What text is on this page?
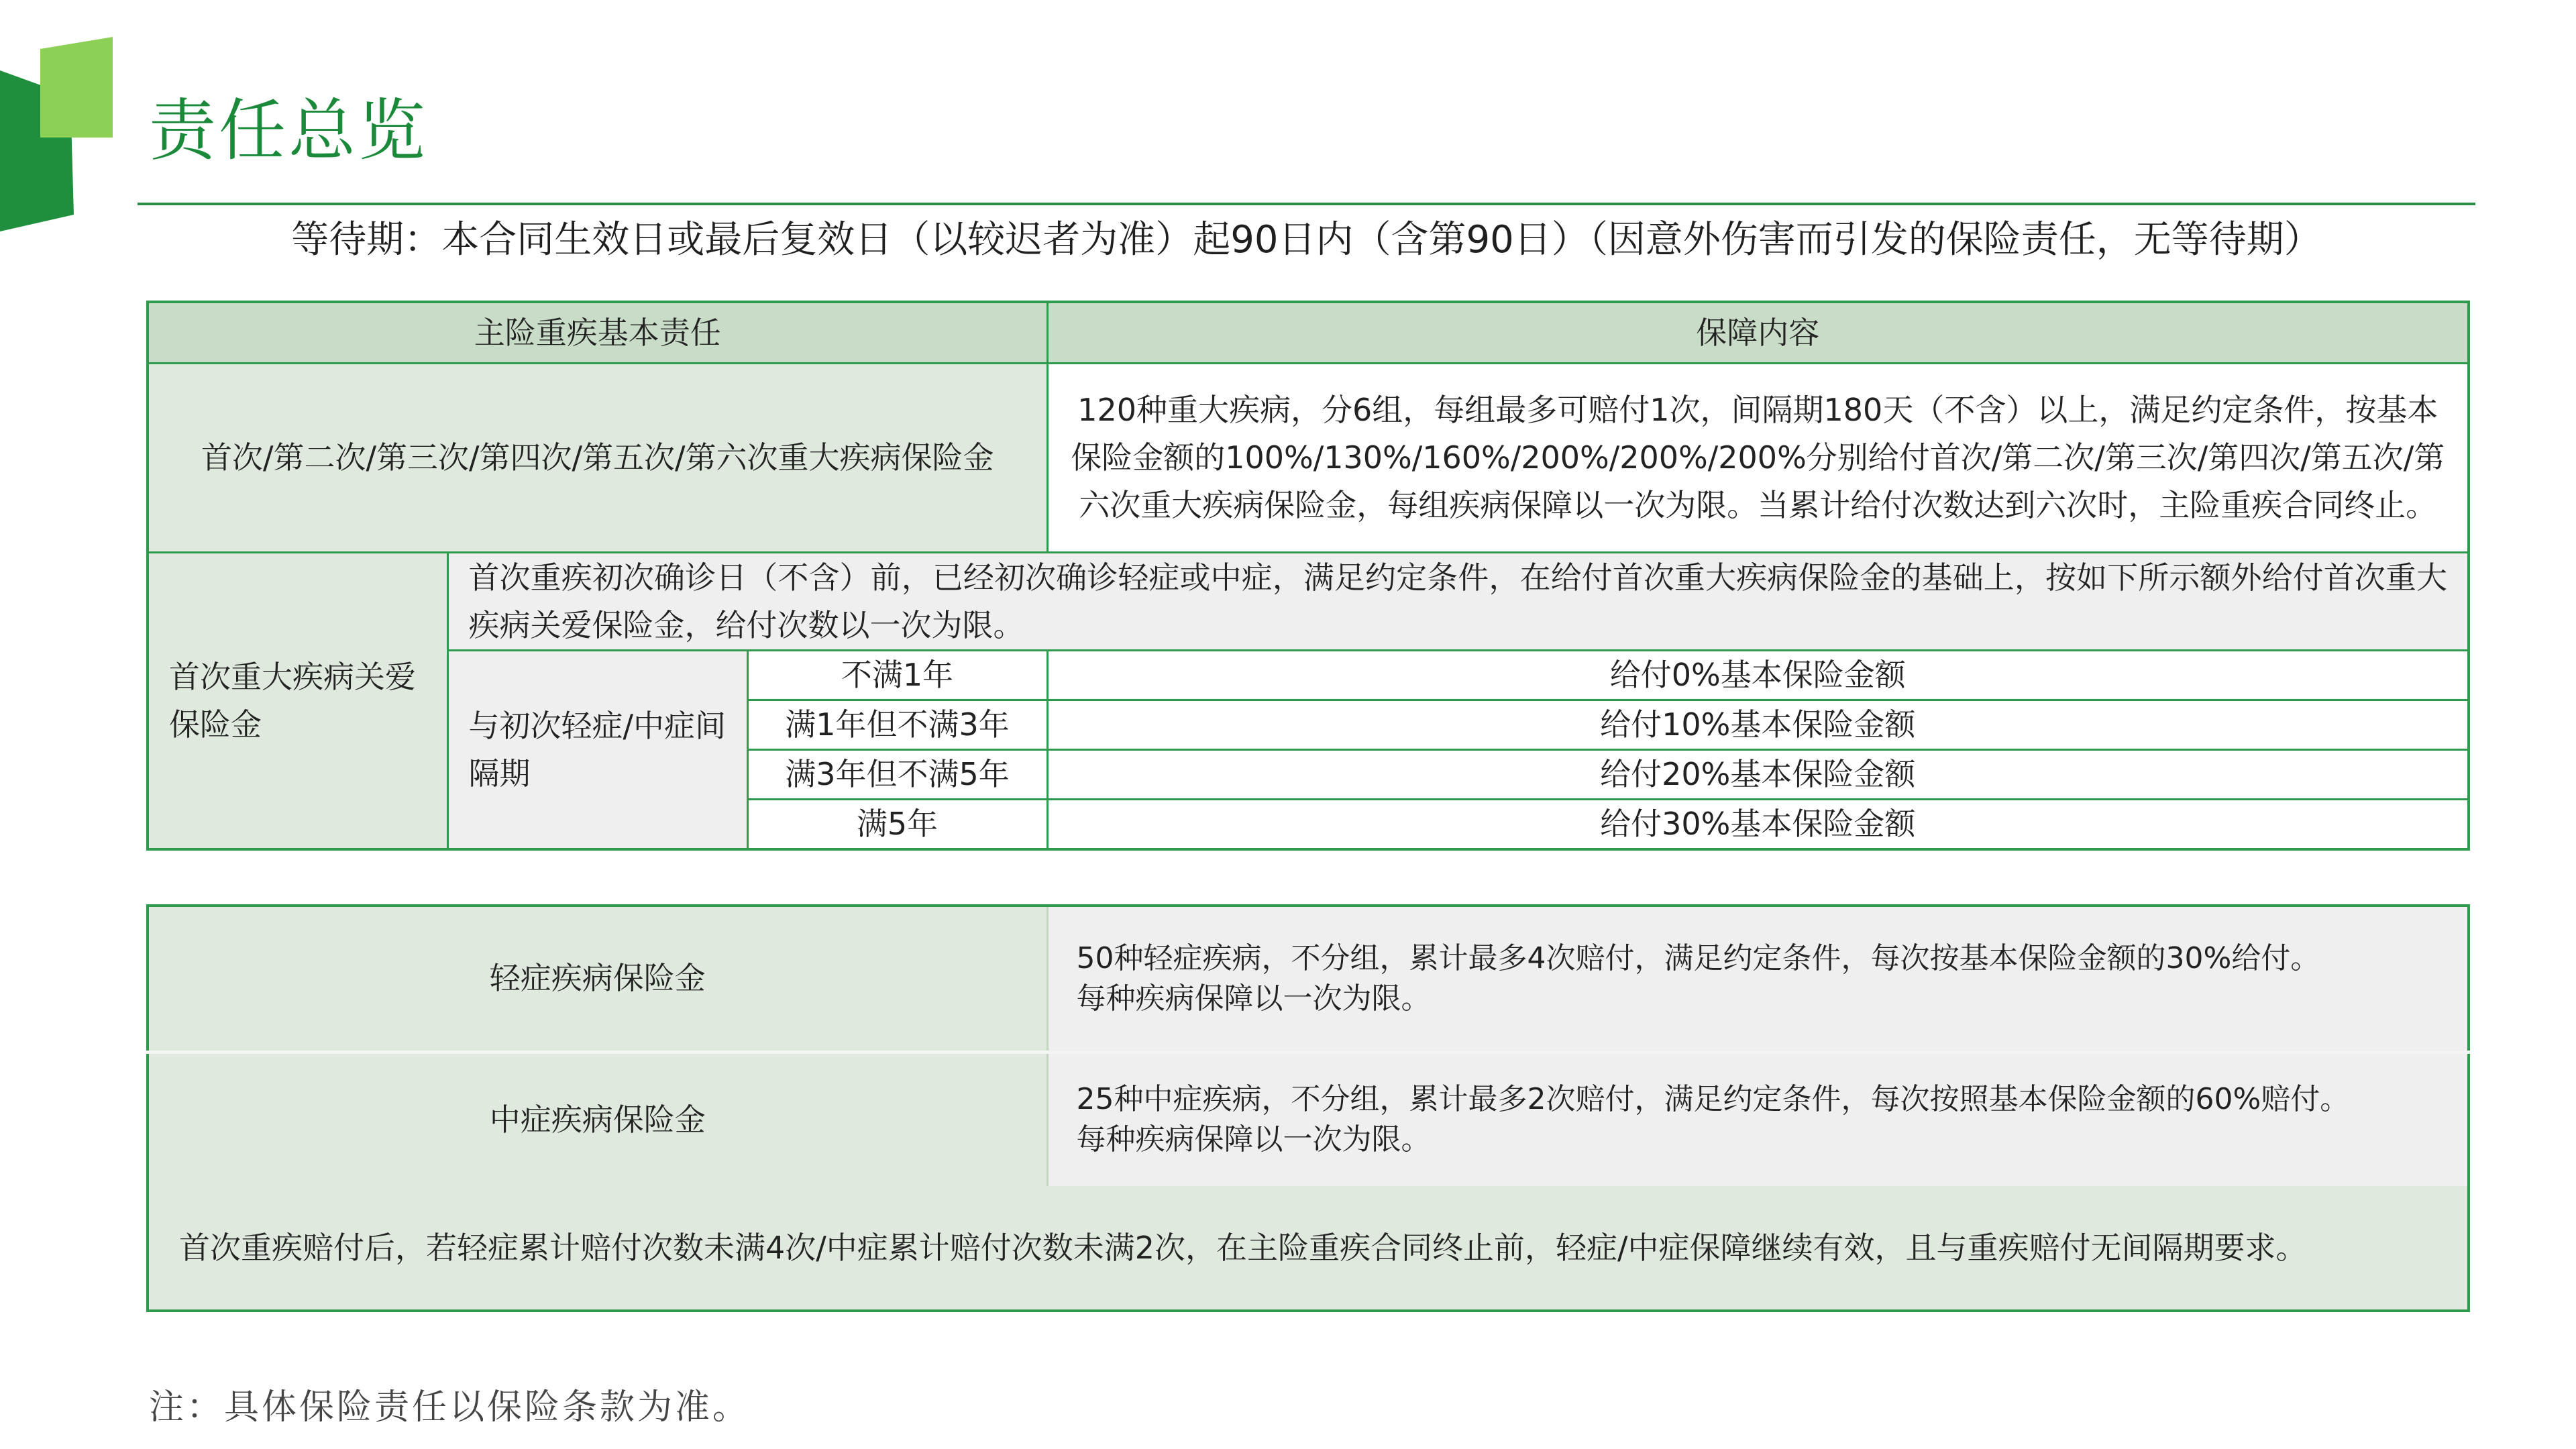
责任总览
等待期：本合同生效日或最后复效日（以较迟者为准）起90日内（含第90日）（因意外伤害而引发的保险责任，无等待期）
主险重疾基本责任			保障内容
首次/第二次/第三次/第四次/第五次/第六次重大疾病保险金			120种重大疾病，分6组，每组最多可赔付1次，间隔期180天（不含）以上，满足约定条件，按基本保险金额的100%/130%/160%/200%/200%/200%分别给付首次/第二次/第三次/第四次/第五次/第六次重大疾病保险金，每组疾病保障以一次为限。当累计给付次数达到六次时，主险重疾合同终止。
首次重大疾病关爱保险金	首次重疾初次确诊日（不含）前，已经初次确诊轻症或中症，满足约定条件，在给付首次重大疾病保险金的基础上，按如下所示额外给付首次重大疾病关爱保险金，给付次数以一次为限。		
	与初次轻症/中症间隔期	不满1年	给付0%基本保险金额
		满1年但不满3年	给付10%基本保险金额
		满3年但不满5年	给付20%基本保险金额
		满5年	给付30%基本保险金额
轻症疾病保险金	50种轻症疾病，不分组，累计最多4次赔付，满足约定条件，每次按基本保险金额的30%给付。
每种疾病保障以一次为限。

中症疾病保险金	25种中症疾病，不分组，累计最多2次赔付，满足约定条件，每次按照基本保险金额的60%赔付。
每种疾病保障以一次为限。

首次重疾赔付后，若轻症累计赔付次数未满4次/中症累计赔付次数未满2次，在主险重疾合同终止前，轻症/中症保障继续有效，且与重疾赔付无间隔期要求。	
注：具体保险责任以保险条款为准。
